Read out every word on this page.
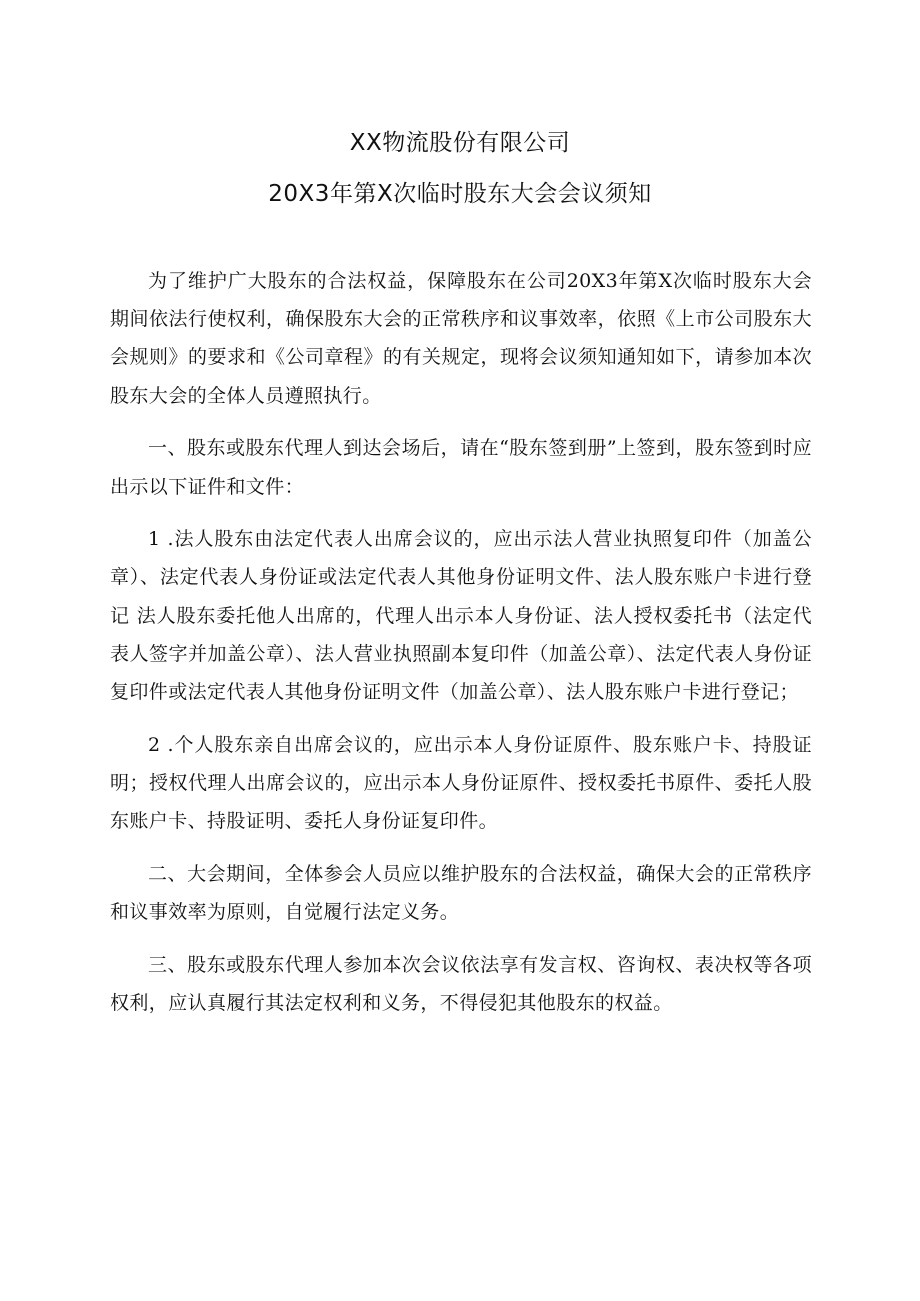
XX物流股份有限公司
20X3年第X次临时股东大会会议须知

为了维护广大股东的合法权益，保障股东在公司20X3年第X次临时股东大会期间依法行使权利，确保股东大会的正常秩序和议事效率，依照《上市公司股东大会规则》的要求和《公司章程》的有关规定，现将会议须知通知如下，请参加本次股东大会的全体人员遵照执行。

一、股东或股东代理人到达会场后，请在“股东签到册”上签到，股东签到时应出示以下证件和文件：

1 .法人股东由法定代表人出席会议的，应出示法人营业执照复印件（加盖公章）、法定代表人身份证或法定代表人其他身份证明文件、法人股东账户卡进行登记 法人股东委托他人出席的，代理人出示本人身份证、法人授权委托书（法定代表人签字并加盖公章）、法人营业执照副本复印件（加盖公章）、法定代表人身份证复印件或法定代表人其他身份证明文件（加盖公章）、法人股东账户卡进行登记；

2 .个人股东亲自出席会议的，应出示本人身份证原件、股东账户卡、持股证明；授权代理人出席会议的，应出示本人身份证原件、授权委托书原件、委托人股东账户卡、持股证明、委托人身份证复印件。

二、大会期间，全体参会人员应以维护股东的合法权益，确保大会的正常秩序和议事效率为原则，自觉履行法定义务。

三、股东或股东代理人参加本次会议依法享有发言权、咨询权、表决权等各项权利，应认真履行其法定权利和义务，不得侵犯其他股东的权益。
